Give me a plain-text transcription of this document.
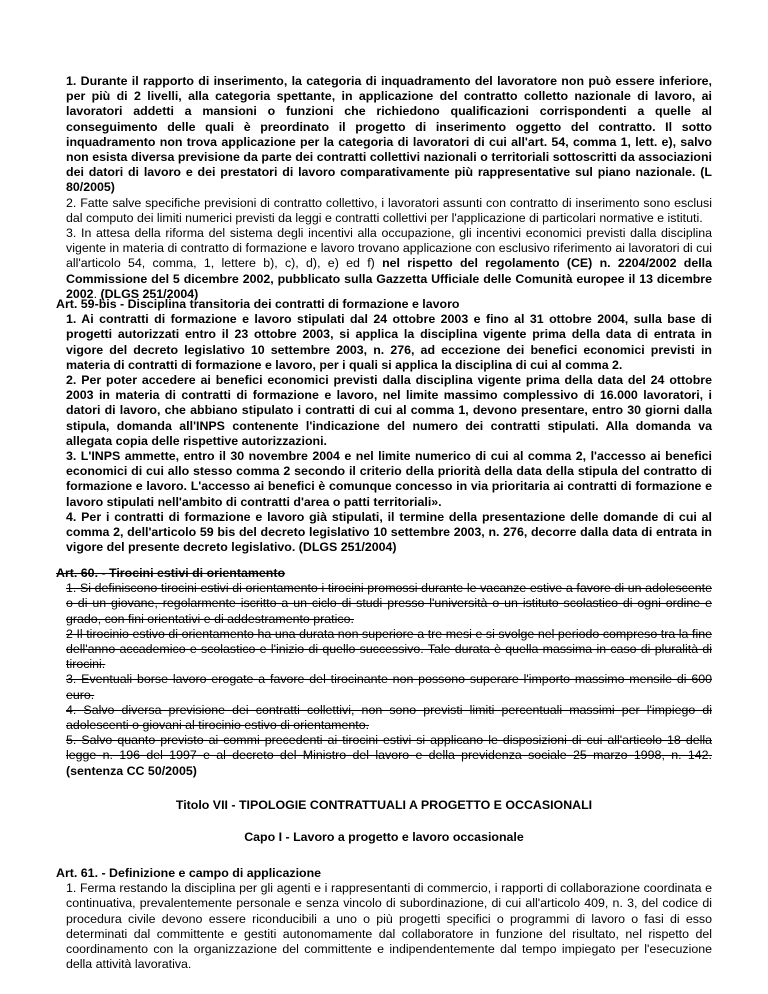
1. Durante il rapporto di inserimento, la categoria di inquadramento del lavoratore non può essere inferiore, per più di 2 livelli, alla categoria spettante, in applicazione del contratto colletto nazionale di lavoro, ai lavoratori addetti a mansioni o funzioni che richiedono qualificazioni corrispondenti a quelle al conseguimento delle quali è preordinato il progetto di inserimento oggetto del contratto. Il sotto inquadramento non trova applicazione per la categoria di lavoratori di cui all'art. 54, comma 1, lett. e), salvo non esista diversa previsione da parte dei contratti collettivi nazionali o territoriali sottoscritti da associazioni dei datori di lavoro e dei prestatori di lavoro comparativamente più rappresentative sul piano nazionale. (L 80/2005)

2. Fatte salve specifiche previsioni di contratto collettivo, i lavoratori assunti con contratto di inserimento sono esclusi dal computo dei limiti numerici previsti da leggi e contratti collettivi per l'applicazione di particolari normative e istituti.

3. In attesa della riforma del sistema degli incentivi alla occupazione, gli incentivi economici previsti dalla disciplina vigente in materia di contratto di formazione e lavoro trovano applicazione con esclusivo riferimento ai lavoratori di cui all'articolo 54, comma, 1, lettere b), c), d), e) ed f) nel rispetto del regolamento (CE) n. 2204/2002 della Commissione del 5 dicembre 2002, pubblicato sulla Gazzetta Ufficiale delle Comunità europee il 13 dicembre 2002. (DLGS 251/2004)

Art. 59-bis - Disciplina transitoria dei contratti di formazione e lavoro

1. Ai contratti di formazione e lavoro stipulati dal 24 ottobre 2003 e fino al 31 ottobre 2004, sulla base di progetti autorizzati entro il 23 ottobre 2003, si applica la disciplina vigente prima della data di entrata in vigore del decreto legislativo 10 settembre 2003, n. 276, ad eccezione dei benefici economici previsti in materia di contratti di formazione e lavoro, per i quali si applica la disciplina di cui al comma 2.

2. Per poter accedere ai benefici economici previsti dalla disciplina vigente prima della data del 24 ottobre 2003 in materia di contratti di formazione e lavoro, nel limite massimo complessivo di 16.000 lavoratori, i datori di lavoro, che abbiano stipulato i contratti di cui al comma 1, devono presentare, entro 30 giorni dalla stipula, domanda all'INPS contenente l'indicazione del numero dei contratti stipulati. Alla domanda va allegata copia delle rispettive autorizzazioni.

3. L'INPS ammette, entro il 30 novembre 2004 e nel limite numerico di cui al comma 2, l'accesso ai benefici economici di cui allo stesso comma 2 secondo il criterio della priorità della data della stipula del contratto di formazione e lavoro. L'accesso ai benefici è comunque concesso in via prioritaria ai contratti di formazione e lavoro stipulati nell'ambito di contratti d'area o patti territoriali».

4. Per i contratti di formazione e lavoro già stipulati, il termine della presentazione delle domande di cui al comma 2, dell'articolo 59 bis del decreto legislativo 10 settembre 2003, n. 276, decorre dalla data di entrata in vigore del presente decreto legislativo. (DLGS 251/2004)

Art. 60. - Tirocini estivi di orientamento

1. Si definiscono tirocini estivi di orientamento i tirocini promossi durante le vacanze estive a favore di un adolescente o di un giovane, regolarmente iscritto a un ciclo di studi presso l'università o un istituto scolastico di ogni ordine e grado, con fini orientativi e di addestramento pratico.

2 Il tirocinio estivo di orientamento ha una durata non superiore a tre mesi e si svolge nel periodo compreso tra la fine dell'anno accademico e scolastico e l'inizio di quello successivo. Tale durata è quella massima in caso di pluralità di tirocini.

3. Eventuali borse lavoro erogate a favore del tirocinante non possono superare l'importo massimo mensile di 600 euro.

4. Salvo diversa previsione dei contratti collettivi, non sono previsti limiti percentuali massimi per l'impiego di adolescenti o giovani al tirocinio estivo di orientamento.

5. Salvo quanto previsto ai commi precedenti ai tirocini estivi si applicano le disposizioni di cui all'articolo 18 della legge n. 196 del 1997 e al decreto del Ministro del lavoro e della previdenza sociale 25 marzo 1998, n. 142. (sentenza CC 50/2005)

Titolo VII - TIPOLOGIE CONTRATTUALI A PROGETTO E OCCASIONALI
Capo I - Lavoro a progetto e lavoro occasionale

Art. 61. - Definizione e campo di applicazione

1. Ferma restando la disciplina per gli agenti e i rappresentanti di commercio, i rapporti di collaborazione coordinata e continuativa, prevalentemente personale e senza vincolo di subordinazione, di cui all'articolo 409, n. 3, del codice di procedura civile devono essere riconducibili a uno o più progetti specifici o programmi di lavoro o fasi di esso determinati dal committente e gestiti autonomamente dal collaboratore in funzione del risultato, nel rispetto del coordinamento con la organizzazione del committente e indipendentemente dal tempo impiegato per l'esecuzione della attività lavorativa.
